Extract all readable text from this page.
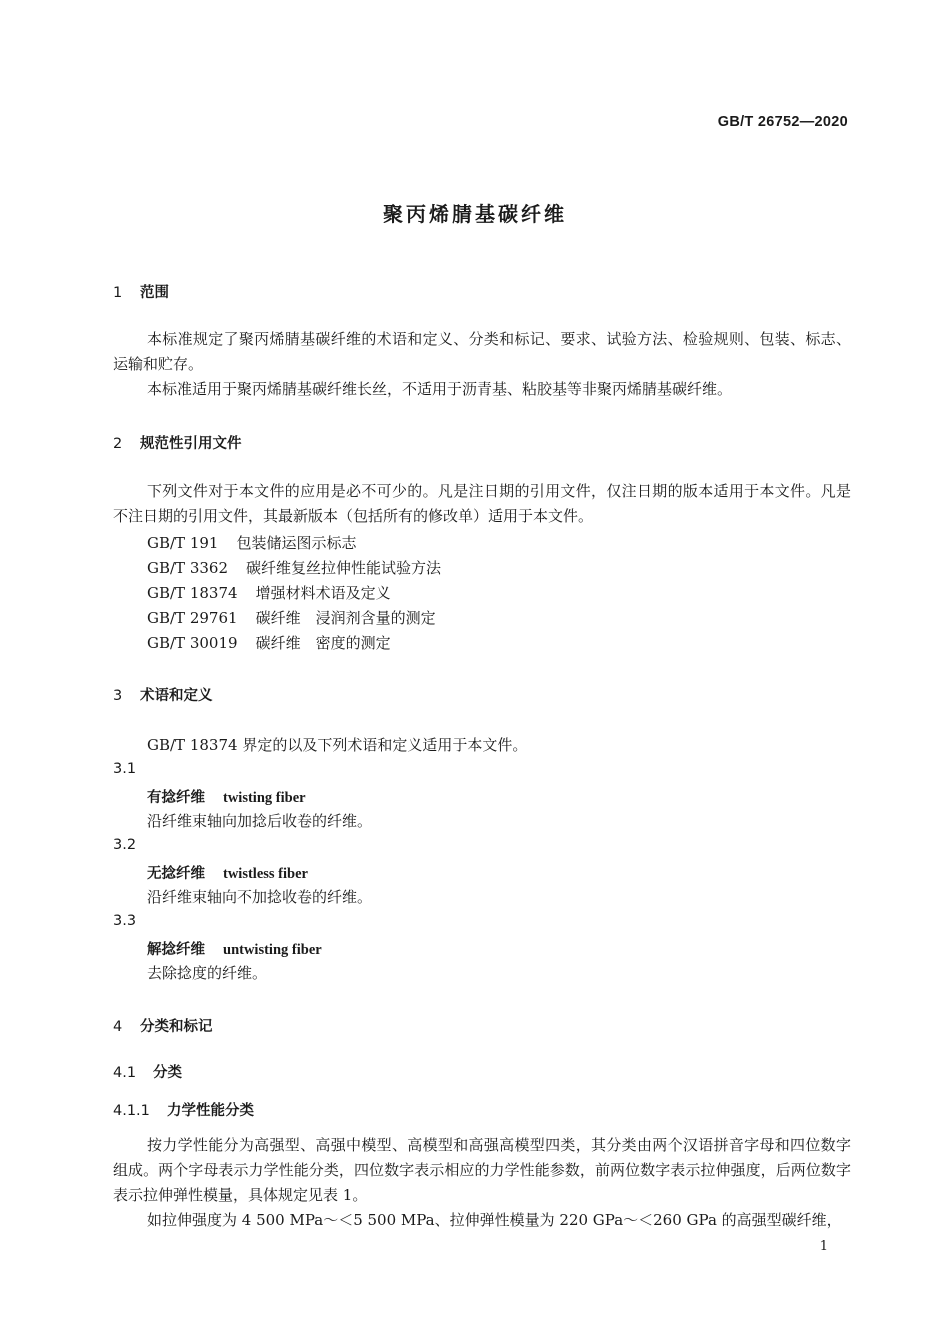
GB/T 26752—2020
聚丙烯腈基碳纤维
1 范围
本标准规定了聚丙烯腈基碳纤维的术语和定义、分类和标记、要求、试验方法、检验规则、包装、标志、运输和贮存。
本标准适用于聚丙烯腈基碳纤维长丝，不适用于沥青基、粘胶基等非聚丙烯腈基碳纤维。
2 规范性引用文件
下列文件对于本文件的应用是必不可少的。凡是注日期的引用文件，仅注日期的版本适用于本文件。凡是不注日期的引用文件，其最新版本（包括所有的修改单）适用于本文件。
GB/T 191 包装储运图示标志
GB/T 3362 碳纤维复丝拉伸性能试验方法
GB/T 18374 增强材料术语及定义
GB/T 29761 碳纤维　浸润剂含量的测定
GB/T 30019 碳纤维　密度的测定
3 术语和定义
GB/T 18374 界定的以及下列术语和定义适用于本文件。
3.1
有捻纤维 twisting fiber
沿纤维束轴向加捻后收卷的纤维。
3.2
无捻纤维 twistless fiber
沿纤维束轴向不加捻收卷的纤维。
3.3
解捻纤维 untwisting fiber
去除捻度的纤维。
4 分类和标记
4.1 分类
4.1.1 力学性能分类
按力学性能分为高强型、高强中模型、高模型和高强高模型四类，其分类由两个汉语拼音字母和四位数字组成。两个字母表示力学性能分类，四位数字表示相应的力学性能参数，前两位数字表示拉伸强度，后两位数字表示拉伸弹性模量，具体规定见表 1。
如拉伸强度为 4 500 MPa～＜5 500 MPa、拉伸弹性模量为 220 GPa～＜260 GPa 的高强型碳纤维，
1
